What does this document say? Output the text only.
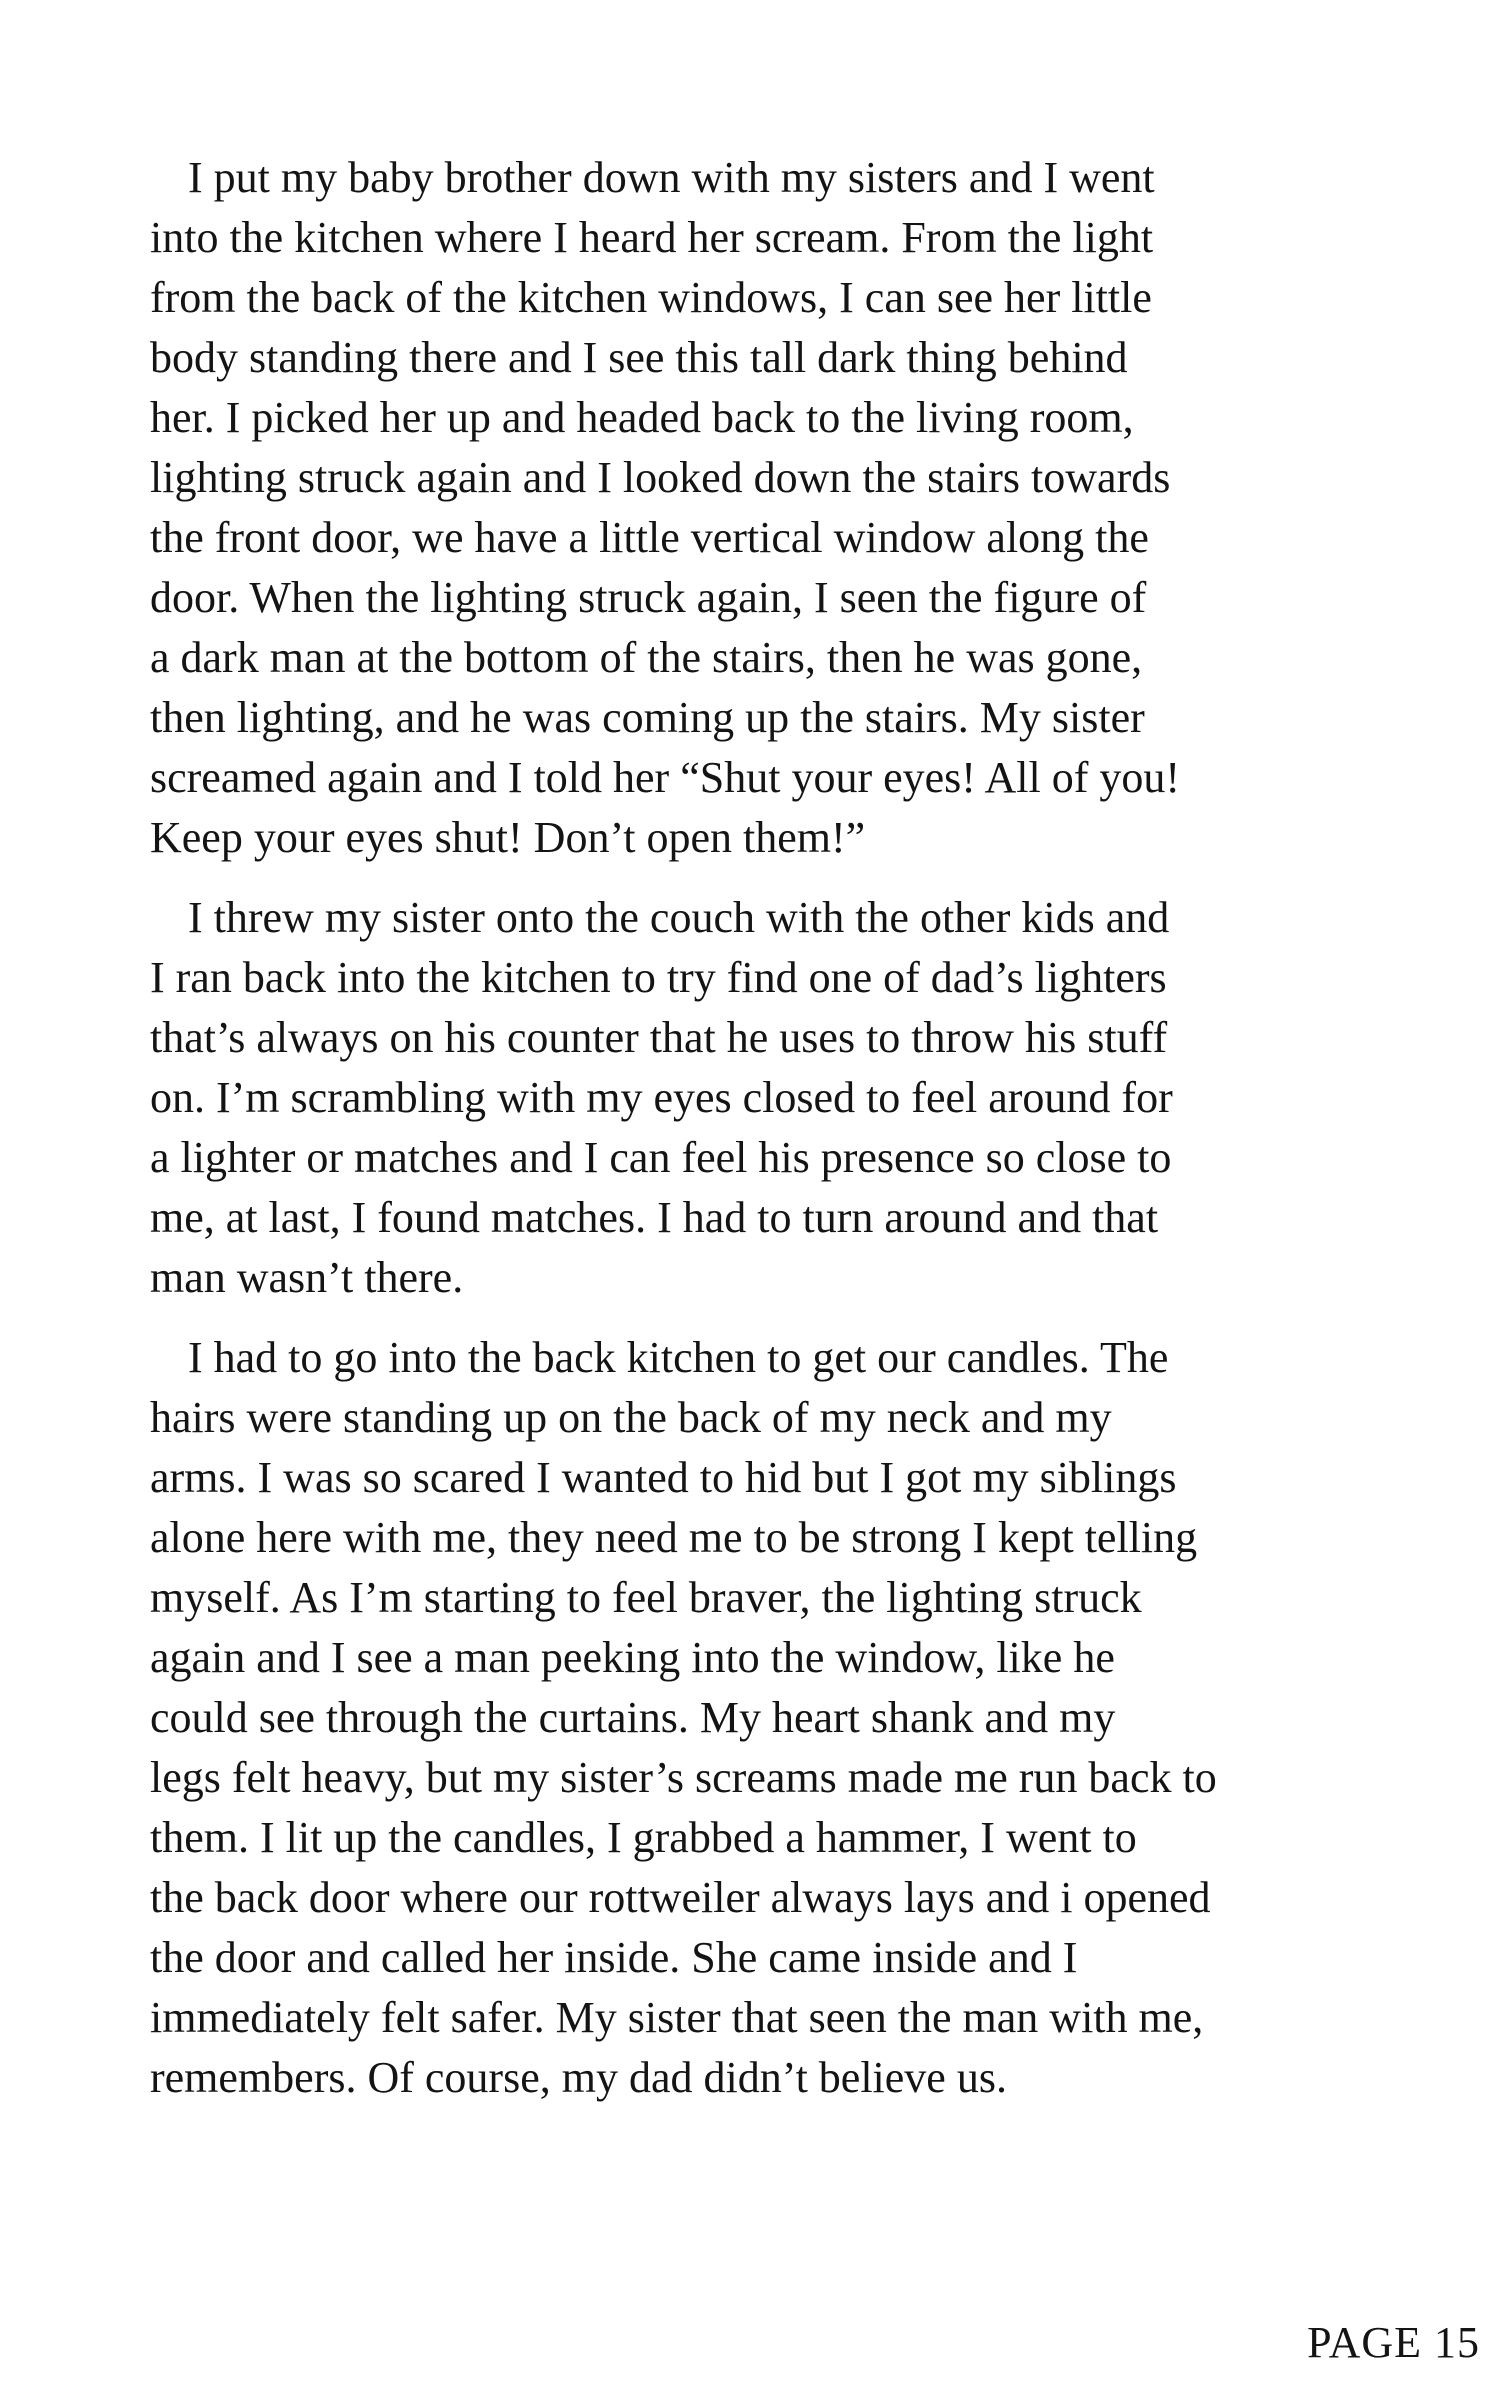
I put my baby brother down with my sisters and I went
into the kitchen where I heard her scream. From the light
from the back of the kitchen windows, I can see her little
body standing there and I see this tall dark thing behind
her. I picked her up and headed back to the living room,
lighting struck again and I looked down the stairs towards
the front door, we have a little vertical window along the
door. When the lighting struck again, I seen the figure of
a dark man at the bottom of the stairs, then he was gone,
then lighting, and he was coming up the stairs. My sister
screamed again and I told her “Shut your eyes! All of you!
Keep your eyes shut! Don’t open them!”

I threw my sister onto the couch with the other kids and
I ran back into the kitchen to try find one of dad’s lighters
that’s always on his counter that he uses to throw his stuff
on. I’m scrambling with my eyes closed to feel around for
a lighter or matches and I can feel his presence so close to
me, at last, I found matches. I had to turn around and that
man wasn’t there.

I had to go into the back kitchen to get our candles. The
hairs were standing up on the back of my neck and my
arms. I was so scared I wanted to hid but I got my siblings
alone here with me, they need me to be strong I kept telling
myself. As I’m starting to feel braver, the lighting struck
again and I see a man peeking into the window, like he
could see through the curtains. My heart shank and my
legs felt heavy, but my sister’s screams made me run back to
them. I lit up the candles, I grabbed a hammer, I went to
the back door where our rottweiler always lays and i opened
the door and called her inside. She came inside and I
immediately felt safer. My sister that seen the man with me,
remembers. Of course, my dad didn’t believe us.

PAGE 15
